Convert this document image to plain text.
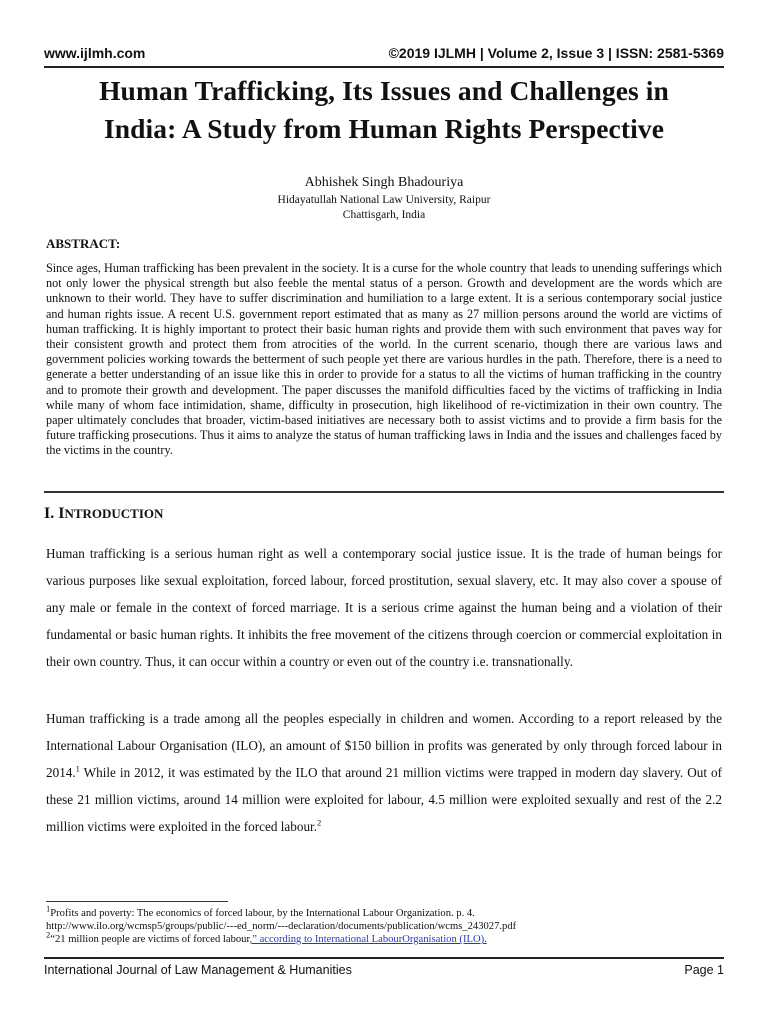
www.ijlmh.com	©2019 IJLMH | Volume 2, Issue 3 | ISSN: 2581-5369
Human Trafficking, Its Issues and Challenges in
India: A Study from Human Rights Perspective
Abhishek Singh Bhadouriya
Hidayatullah National Law University, Raipur
Chattisgarh, India
ABSTRACT:
Since ages, Human trafficking has been prevalent in the society. It is a curse for the whole country that leads to unending sufferings which not only lower the physical strength but also feeble the mental status of a person. Growth and development are the words which are unknown to their world. They have to suffer discrimination and humiliation to a large extent. It is a serious contemporary social justice and human rights issue. A recent U.S. government report estimated that as many as 27 million persons around the world are victims of human trafficking. It is highly important to protect their basic human rights and provide them with such environment that paves way for their consistent growth and protect them from atrocities of the world. In the current scenario, though there are various laws and government policies working towards the betterment of such people yet there are various hurdles in the path. Therefore, there is a need to generate a better understanding of an issue like this in order to provide for a status to all the victims of human trafficking in the country and to promote their growth and development. The paper discusses the manifold difficulties faced by the victims of trafficking in India while many of whom face intimidation, shame, difficulty in prosecution, high likelihood of re-victimization in their own country. The paper ultimately concludes that broader, victim-based initiatives are necessary both to assist victims and to provide a firm basis for the future trafficking prosecutions. Thus it aims to analyze the status of human trafficking laws in India and the issues and challenges faced by the victims in the country.
I. INTRODUCTION
Human trafficking is a serious human right as well a contemporary social justice issue. It is the trade of human beings for various purposes like sexual exploitation, forced labour, forced prostitution, sexual slavery, etc. It may also cover a spouse of any male or female in the context of forced marriage. It is a serious crime against the human being and a violation of their fundamental or basic human rights. It inhibits the free movement of the citizens through coercion or commercial exploitation in their own country. Thus, it can occur within a country or even out of the country i.e. transnationally.
Human trafficking is a trade among all the peoples especially in children and women. According to a report released by the International Labour Organisation (ILO), an amount of $150 billion in profits was generated by only through forced labour in 2014.$^1$ While in 2012, it was estimated by the ILO that around 21 million victims were trapped in modern day slavery. Out of these 21 million victims, around 14 million were exploited for labour, 4.5 million were exploited sexually and rest of the 2.2 million victims were exploited in the forced labour.$^2$
$^1$Profits and poverty: The economics of forced labour, by the International Labour Organization. p. 4.
http://www.ilo.org/wcmsp5/groups/public/---ed_norm/---declaration/documents/publication/wcms_243027.pdf
$^2$“21 million people are victims of forced labour,” according to International LabourOrganisation (ILO).
International Journal of Law Management & Humanities	Page 1
